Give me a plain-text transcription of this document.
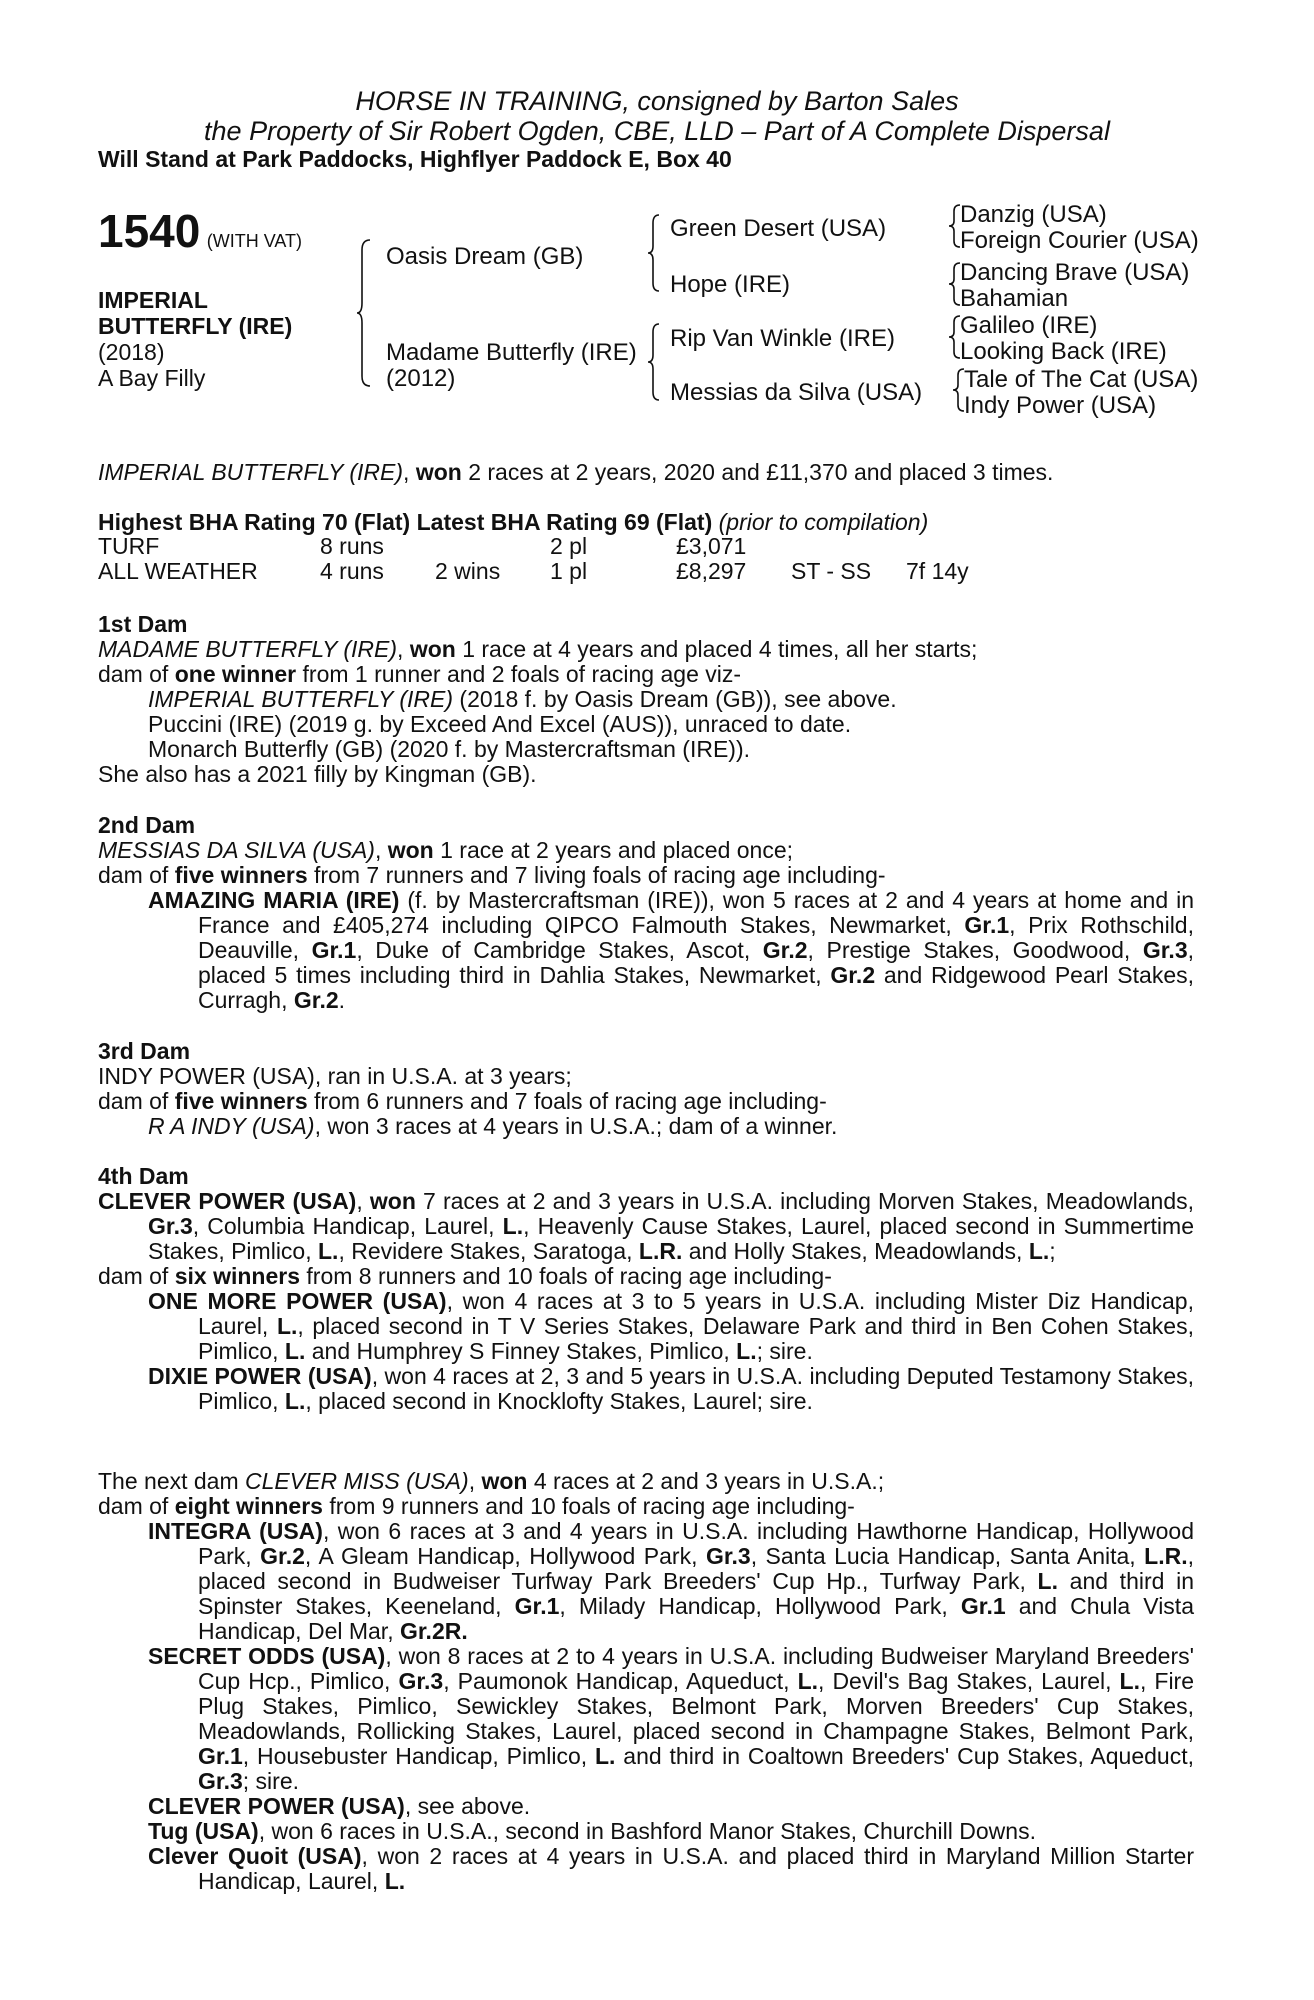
HORSE IN TRAINING, consigned by Barton Sales
the Property of Sir Robert Ogden, CBE, LLD – Part of A Complete Dispersal
Will Stand at Park Paddocks, Highflyer Paddock E, Box 40
1540 (WITH VAT)
IMPERIAL
BUTTERFLY (IRE)
(2018)
A Bay Filly
Oasis Dream (GB)
Madame Butterfly (IRE)
(2012)
Green Desert (USA)
Hope (IRE)
Rip Van Winkle (IRE)
Messias da Silva (USA)
Danzig (USA)
Foreign Courier (USA)
Dancing Brave (USA)
Bahamian
Galileo (IRE)
Looking Back (IRE)
Tale of The Cat (USA)
Indy Power (USA)
IMPERIAL BUTTERFLY (IRE), won 2 races at 2 years, 2020 and £11,370 and placed 3 times.
Highest BHA Rating 70 (Flat) Latest BHA Rating 69 (Flat) (prior to compilation)
TURF	8 runs	2 pl	£3,071
ALL WEATHER	4 runs 2 wins 1 pl	£8,297 ST - SS 7f 14y
1st Dam
MADAME BUTTERFLY (IRE), won 1 race at 4 years and placed 4 times, all her starts;
dam of one winner from 1 runner and 2 foals of racing age viz-
IMPERIAL BUTTERFLY (IRE) (2018 f. by Oasis Dream (GB)), see above.
Puccini (IRE) (2019 g. by Exceed And Excel (AUS)), unraced to date.
Monarch Butterfly (GB) (2020 f. by Mastercraftsman (IRE)).
She also has a 2021 filly by Kingman (GB).
2nd Dam
MESSIAS DA SILVA (USA), won 1 race at 2 years and placed once;
dam of five winners from 7 runners and 7 living foals of racing age including-
AMAZING MARIA (IRE) (f. by Mastercraftsman (IRE)), won 5 races at 2 and 4 years at home and in France and £405,274 including QIPCO Falmouth Stakes, Newmarket, Gr.1, Prix Rothschild, Deauville, Gr.1, Duke of Cambridge Stakes, Ascot, Gr.2, Prestige Stakes, Goodwood, Gr.3, placed 5 times including third in Dahlia Stakes, Newmarket, Gr.2 and Ridgewood Pearl Stakes, Curragh, Gr.2.
3rd Dam
INDY POWER (USA), ran in U.S.A. at 3 years;
dam of five winners from 6 runners and 7 foals of racing age including-
R A INDY (USA), won 3 races at 4 years in U.S.A.; dam of a winner.
4th Dam
CLEVER POWER (USA), won 7 races at 2 and 3 years in U.S.A. including Morven Stakes, Meadowlands, Gr.3, Columbia Handicap, Laurel, L., Heavenly Cause Stakes, Laurel, placed second in Summertime Stakes, Pimlico, L., Revidere Stakes, Saratoga, L.R. and Holly Stakes, Meadowlands, L.;
dam of six winners from 8 runners and 10 foals of racing age including-
ONE MORE POWER (USA), won 4 races at 3 to 5 years in U.S.A. including Mister Diz Handicap, Laurel, L., placed second in T V Series Stakes, Delaware Park and third in Ben Cohen Stakes, Pimlico, L. and Humphrey S Finney Stakes, Pimlico, L.; sire.
DIXIE POWER (USA), won 4 races at 2, 3 and 5 years in U.S.A. including Deputed Testamony Stakes, Pimlico, L., placed second in Knocklofty Stakes, Laurel; sire.
The next dam CLEVER MISS (USA), won 4 races at 2 and 3 years in U.S.A.;
dam of eight winners from 9 runners and 10 foals of racing age including-
INTEGRA (USA), won 6 races at 3 and 4 years in U.S.A. including Hawthorne Handicap, Hollywood Park, Gr.2, A Gleam Handicap, Hollywood Park, Gr.3, Santa Lucia Handicap, Santa Anita, L.R., placed second in Budweiser Turfway Park Breeders' Cup Hp., Turfway Park, L. and third in Spinster Stakes, Keeneland, Gr.1, Milady Handicap, Hollywood Park, Gr.1 and Chula Vista Handicap, Del Mar, Gr.2R.
SECRET ODDS (USA), won 8 races at 2 to 4 years in U.S.A. including Budweiser Maryland Breeders' Cup Hcp., Pimlico, Gr.3, Paumonok Handicap, Aqueduct, L., Devil's Bag Stakes, Laurel, L., Fire Plug Stakes, Pimlico, Sewickley Stakes, Belmont Park, Morven Breeders' Cup Stakes, Meadowlands, Rollicking Stakes, Laurel, placed second in Champagne Stakes, Belmont Park, Gr.1, Housebuster Handicap, Pimlico, L. and third in Coaltown Breeders' Cup Stakes, Aqueduct, Gr.3; sire.
CLEVER POWER (USA), see above.
Tug (USA), won 6 races in U.S.A., second in Bashford Manor Stakes, Churchill Downs.
Clever Quoit (USA), won 2 races at 4 years in U.S.A. and placed third in Maryland Million Starter Handicap, Laurel, L.
